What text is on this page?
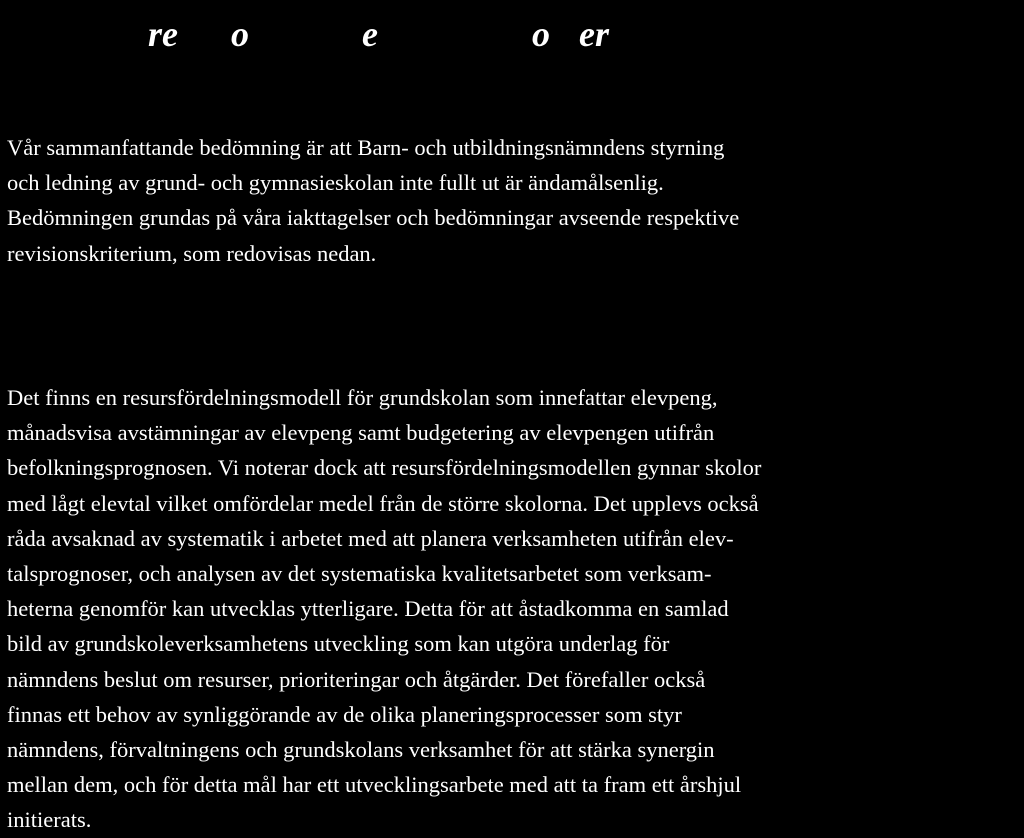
re o	e	o er

Vår sammanfattande bedömning är att Barn- och utbildningsnämndens styrning
och ledning av grund- och gymnasieskolan inte fullt ut är ändamålsenlig.
Bedömningen grundas på våra iakttagelser och bedömningar avseende respektive
revisionskriterium, som redovisas nedan.

Det finns en resursfördelningsmodell för grundskolan som innefattar elevpeng,
månadsvisa avstämningar av elevpeng samt budgetering av elevpengen utifrån
befolkningsprognosen. Vi noterar dock att resursfördelningsmodellen gynnar skolor
med lågt elevtal vilket omfördelar medel från de större skolorna. Det upplevs också
råda avsaknad av systematik i arbetet med att planera verksamheten utifrån elev-
talsprognoser, och analysen av det systematiska kvalitetsarbetet som verksam-
heterna genomför kan utvecklas ytterligare. Detta för att åstadkomma en samlad
bild av grundskoleverksamhetens utveckling som kan utgöra underlag för
nämndens beslut om resurser, prioriteringar och åtgärder. Det förefaller också
finnas ett behov av synliggörande av de olika planeringsprocesser som styr
nämndens, förvaltningens och grundskolans verksamhet för att stärka synergin
mellan dem, och för detta mål har ett utvecklingsarbete med att ta fram ett årshjul
initierats.
